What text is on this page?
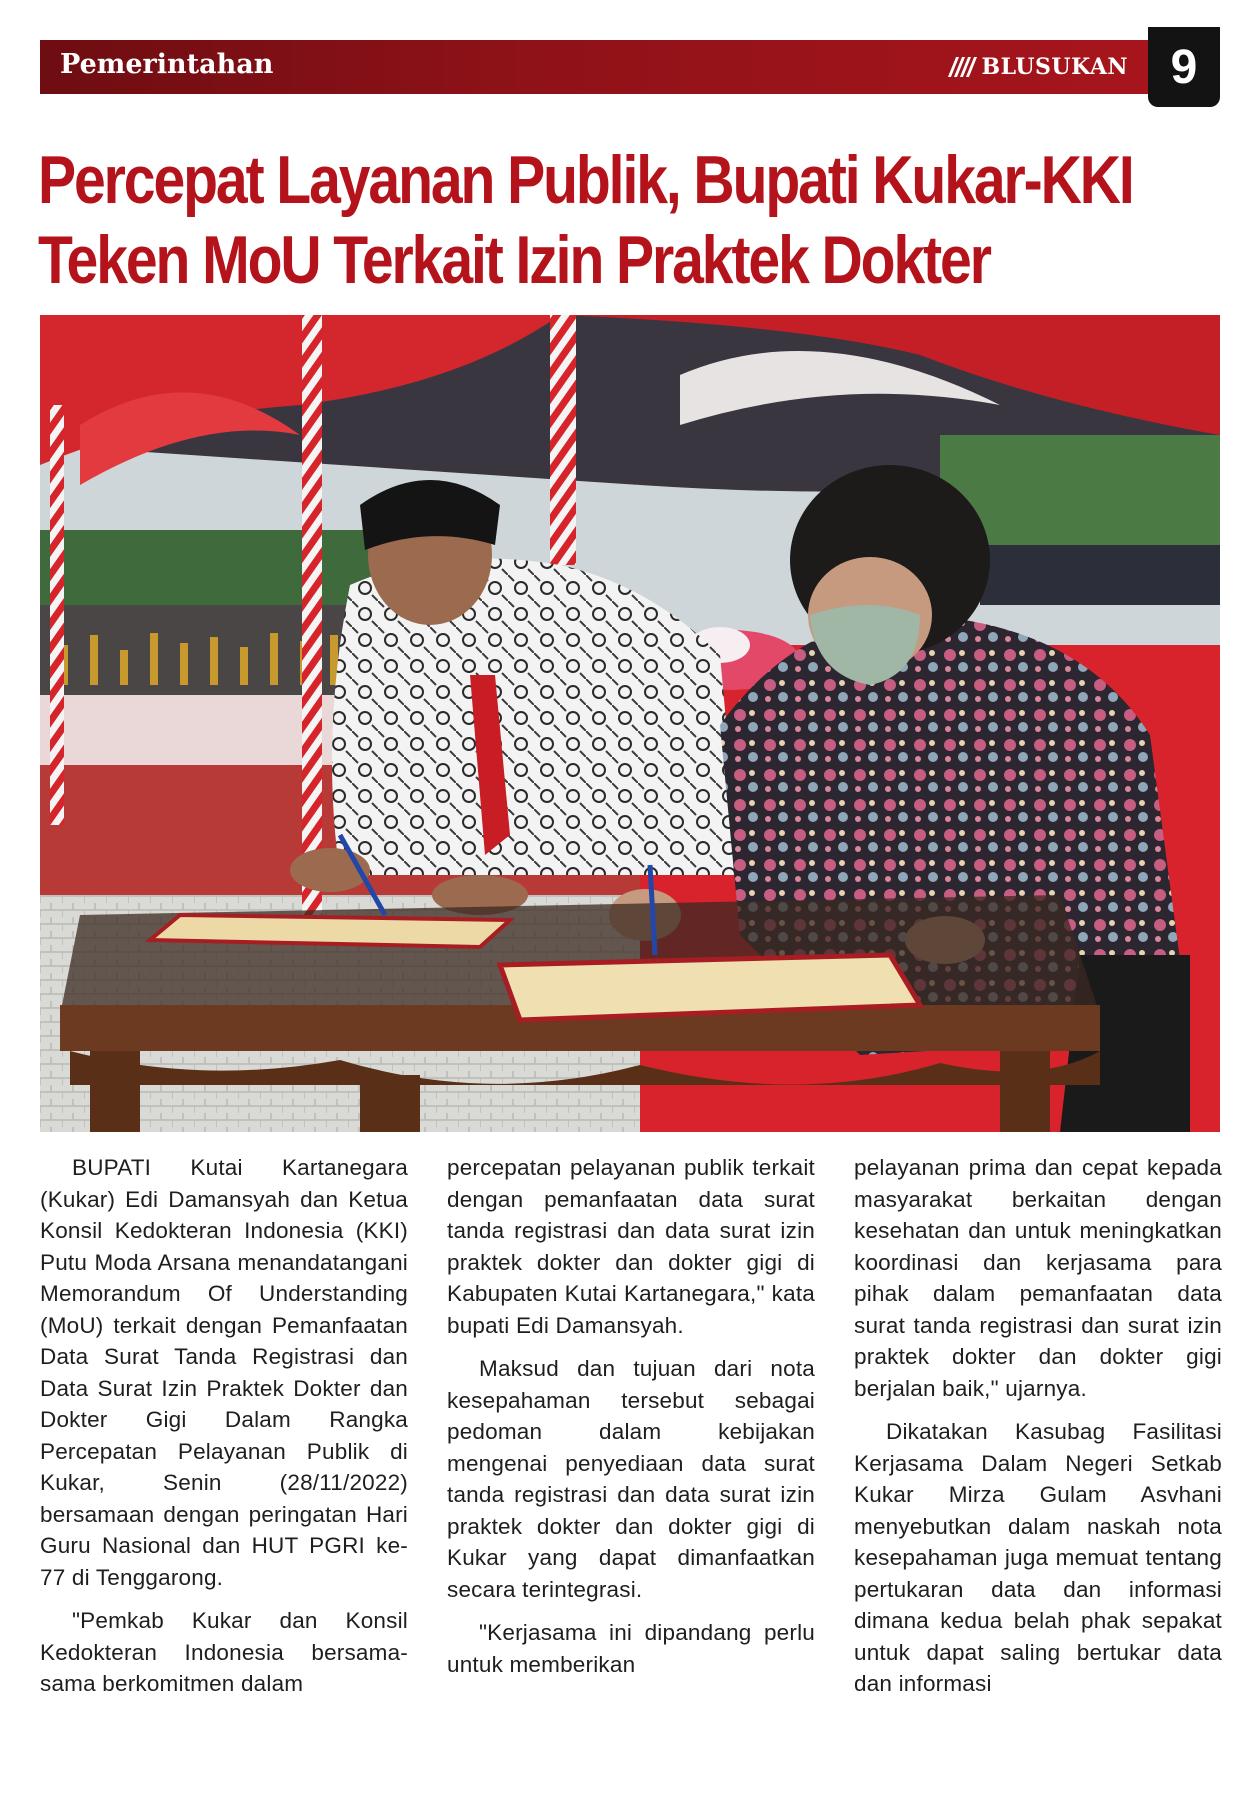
Pemerintahan	BLUSUKAN 9
Percepat Layanan Publik, Bupati Kukar-KKI
Teken MoU Terkait Izin Praktek Dokter

BUPATI Kutai Kartanegara (Kukar) Edi Damansyah dan Ketua Konsil Kedokteran Indonesia (KKI) Putu Moda Arsana menandatangani Memorandum Of Understanding (MoU) terkait dengan Pemanfaatan Data Surat Tanda Registrasi dan Data Surat Izin Praktek Dokter dan Dokter Gigi Dalam Rangka Percepatan Pelayanan Publik di Kukar, Senin (28/11/2022) bersamaan dengan peringatan Hari Guru Nasional dan HUT PGRI ke-77 di Tenggarong.

"Pemkab Kukar dan Konsil Kedokteran Indonesia bersama-sama berkomitmen dalam

percepatan pelayanan publik terkait dengan pemanfaatan data surat tanda registrasi dan data surat izin praktek dokter dan dokter gigi di Kabupaten Kutai Kartanegara," kata bupati Edi Damansyah.

Maksud dan tujuan dari nota kesepahaman tersebut sebagai pedoman dalam kebijakan mengenai penyediaan data surat tanda registrasi dan data surat izin praktek dokter dan dokter gigi di Kukar yang dapat dimanfaatkan secara terintegrasi.

"Kerjasama ini dipandang perlu untuk memberikan

pelayanan prima dan cepat kepada masyarakat berkaitan dengan kesehatan dan untuk meningkatkan koordinasi dan kerjasama para pihak dalam pemanfaatan data surat tanda registrasi dan surat izin praktek dokter dan dokter gigi berjalan baik," ujarnya.

Dikatakan Kasubag Fasilitasi Kerjasama Dalam Negeri Setkab Kukar Mirza Gulam Asvhani menyebutkan dalam naskah nota kesepahaman juga memuat tentang pertukaran data dan informasi dimana kedua belah phak sepakat untuk dapat saling bertukar data dan informasi
